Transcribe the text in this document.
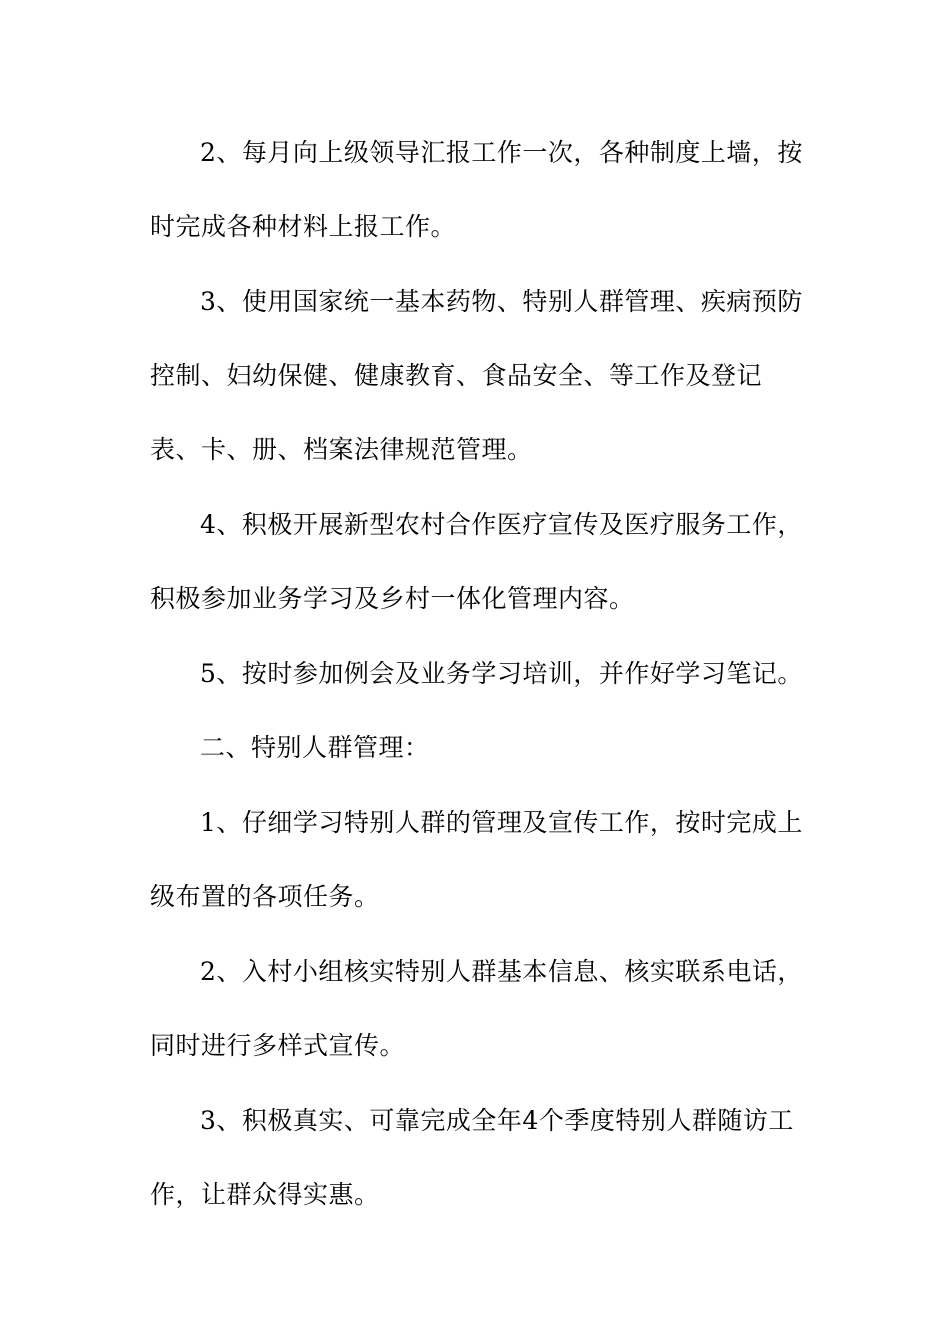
2、每月向上级领导汇报工作一次，各种制度上墙，按
时完成各种材料上报工作。
3、使用国家统一基本药物、特别人群管理、疾病预防
控制、妇幼保健、健康教育、食品安全、等工作及登记
表、卡、册、档案法律规范管理。
4、积极开展新型农村合作医疗宣传及医疗服务工作，
积极参加业务学习及乡村一体化管理内容。
5、按时参加例会及业务学习培训，并作好学习笔记。
二、特别人群管理：
1、仔细学习特别人群的管理及宣传工作，按时完成上
级布置的各项任务。
2、入村小组核实特别人群基本信息、核实联系电话，
同时进行多样式宣传。
3、积极真实、可靠完成全年4个季度特别人群随访工
作，让群众得实惠。
